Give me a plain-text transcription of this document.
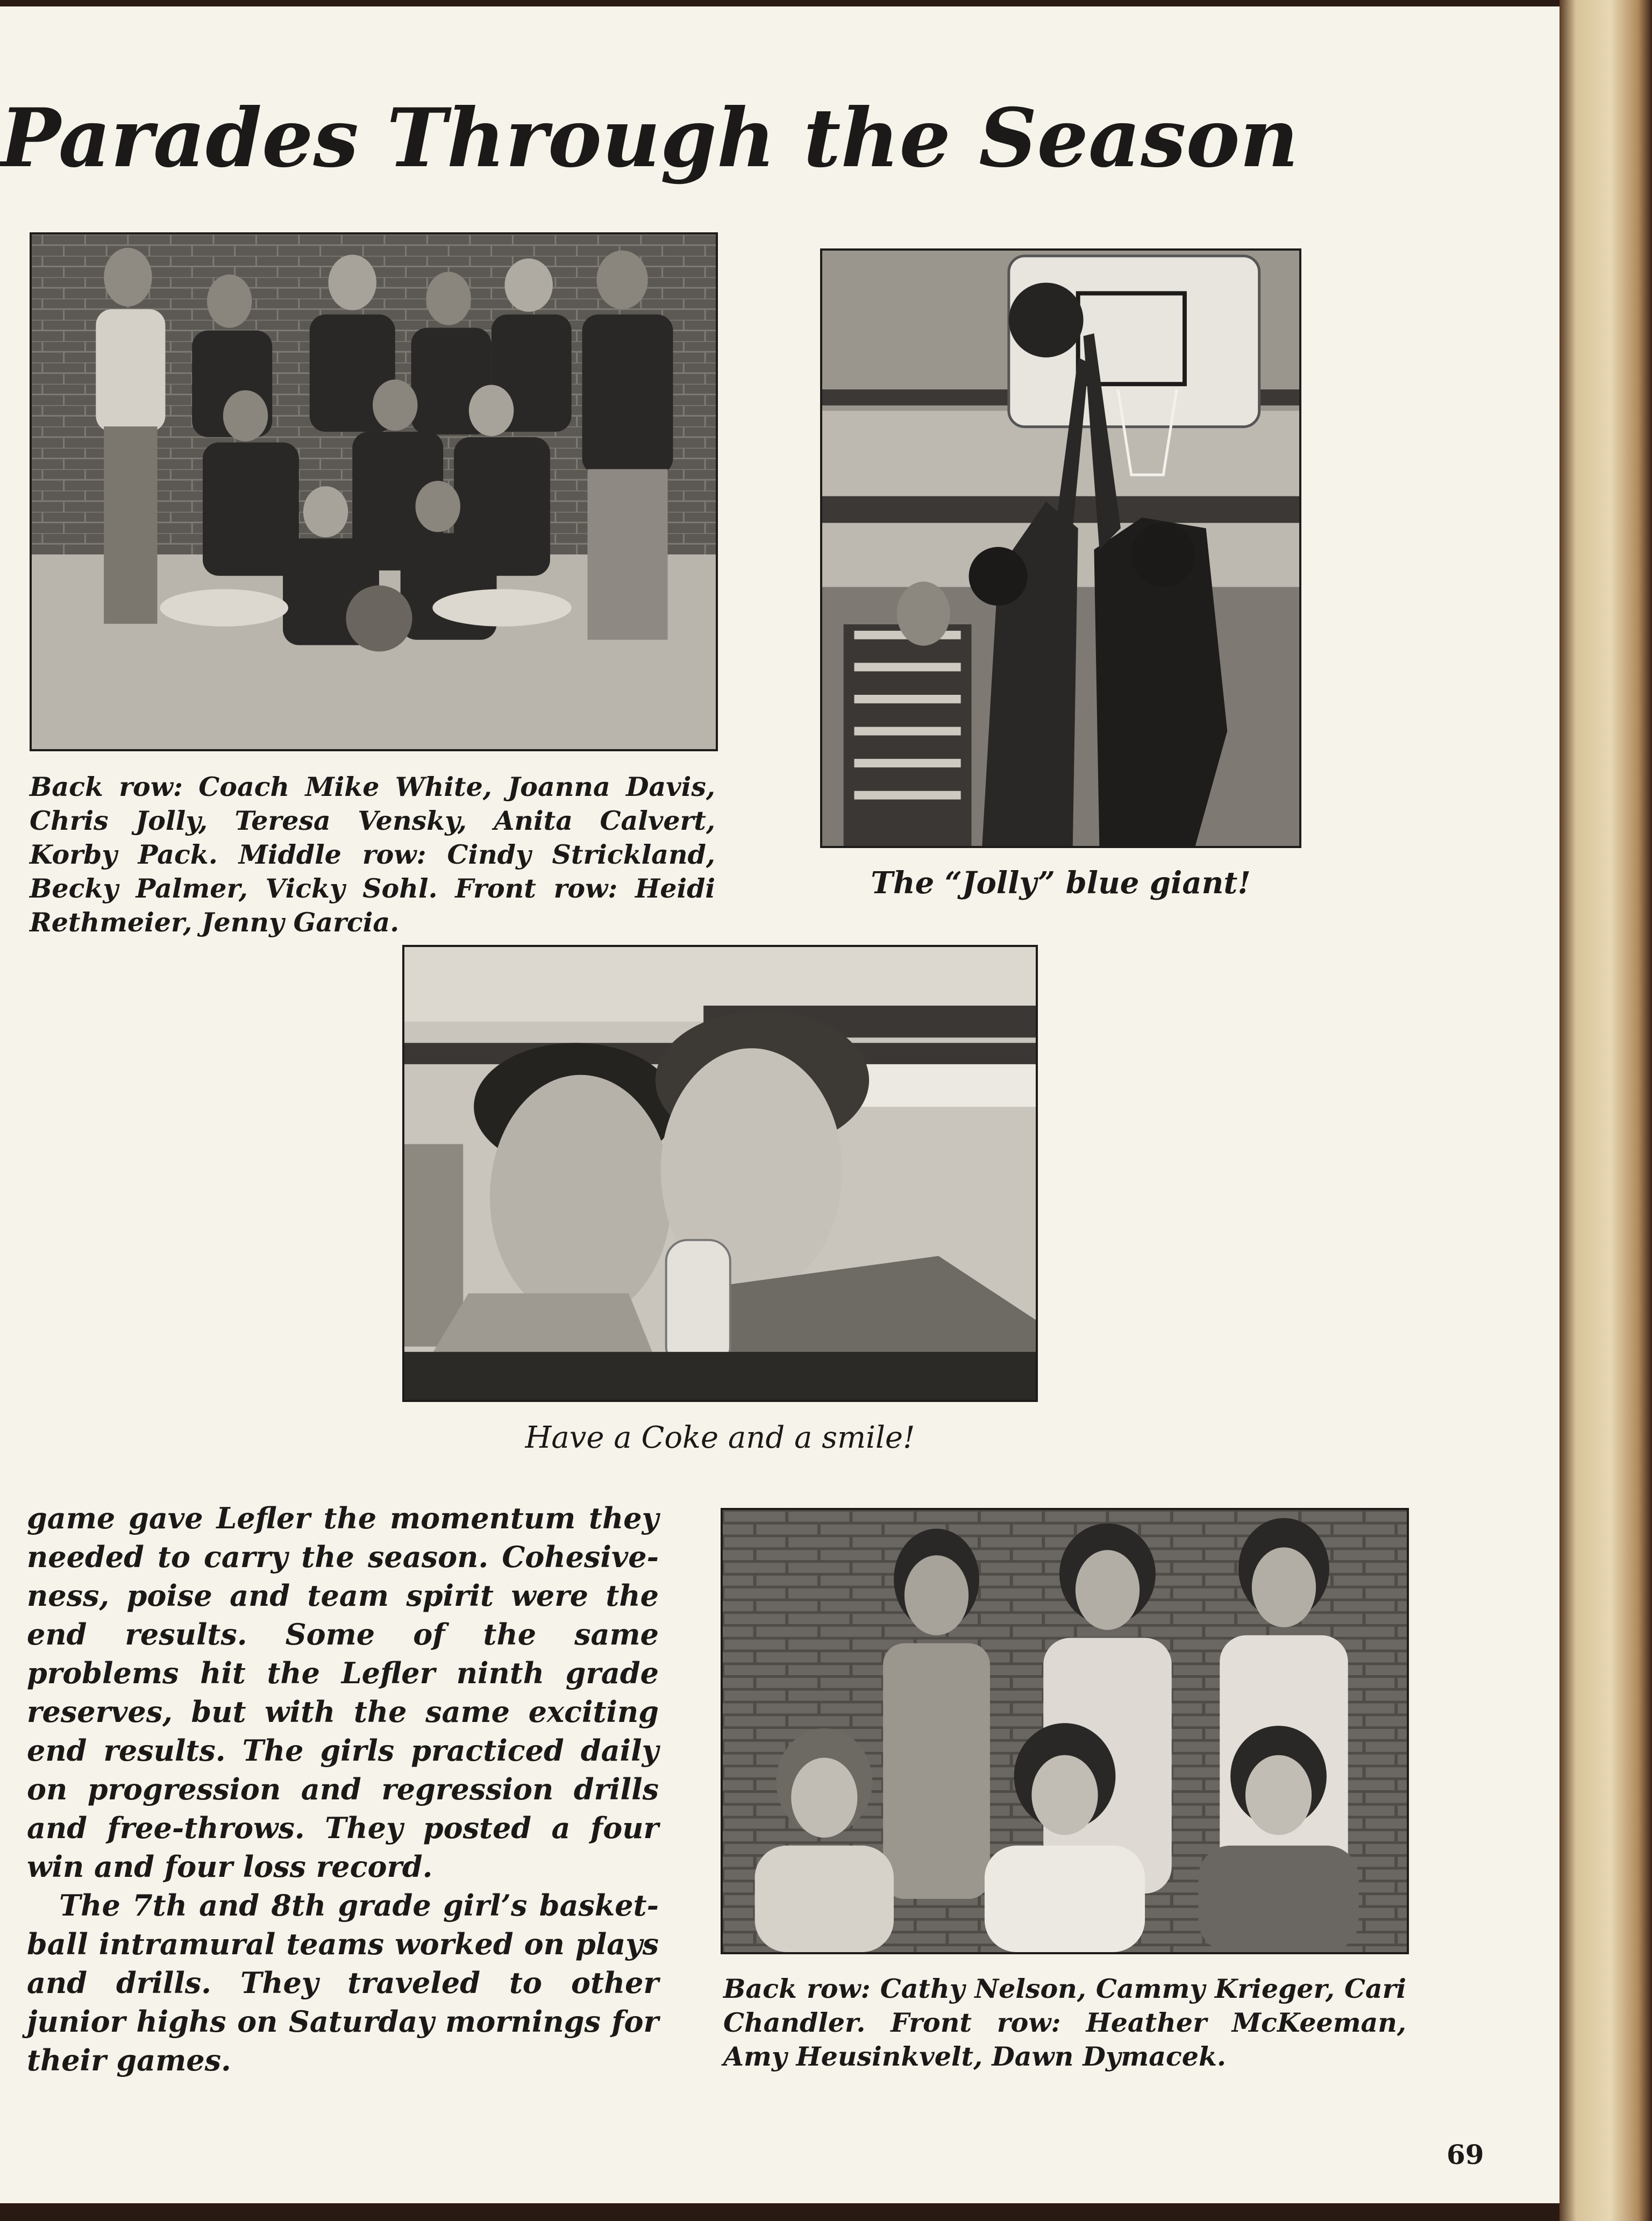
Parades Through the Season

Back row: Coach Mike White, Joanna Davis, Chris Jolly, Teresa Vensky, Anita Calvert, Korby Pack. Middle row: Cindy Strickland, Becky Palmer, Vicky Sohl. Front row: Heidi Rethmeier, Jenny Garcia.

The “Jolly” blue giant!

Have a Coke and a smile!

game gave Lefler the momentum they needed to carry the season. Cohesive-ness, poise and team spirit were the end results. Some of the same problems hit the Lefler ninth grade reserves, but with the same exciting end results. The girls practiced daily on progression and regression drills and free-throws. They posted a four win and four loss record.

The 7th and 8th grade girl’s basket-ball intramural teams worked on plays and drills. They traveled to other junior highs on Saturday mornings for their games.

Back row: Cathy Nelson, Cammy Krieger, Cari Chandler. Front row: Heather McKeeman, Amy Heusinkvelt, Dawn Dymacek.

69
